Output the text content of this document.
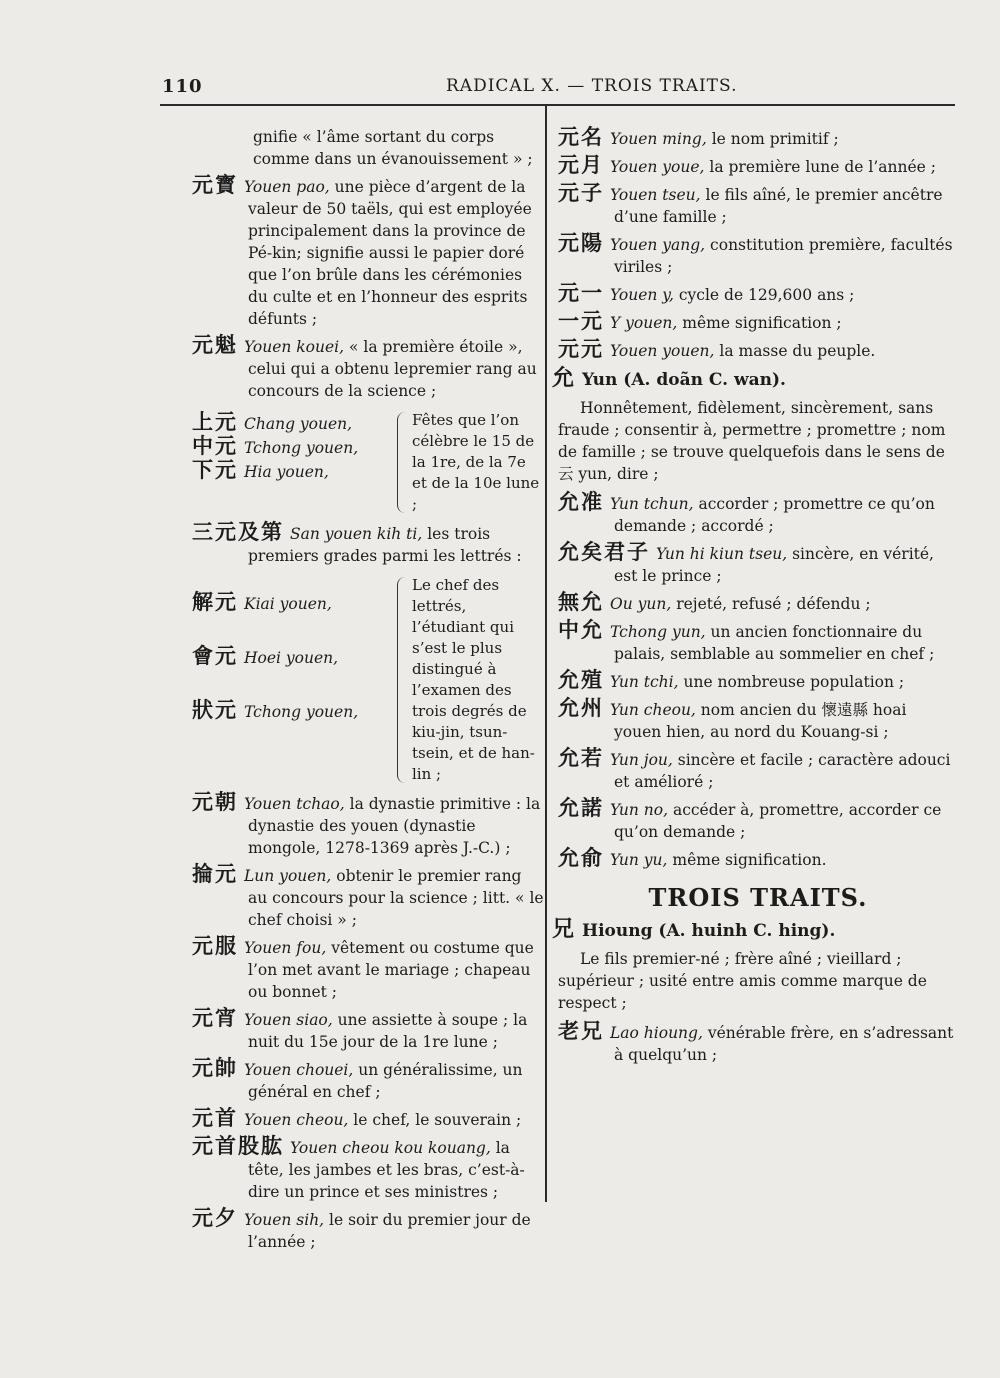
110	RADICAL X. — TROIS TRAITS.
gnifie « l’âme sortant du corps comme dans un évanouissement » ;
元寳 Youen pao, une pièce d’argent de la valeur de 50 taëls, qui est employée principalement dans la province de Pé-kin; signifie aussi le papier doré que l’on brûle dans les cérémonies du culte et en l’honneur des esprits défunts ;
元魁 Youen kouei, « la première étoile », celui qui a obtenu lepremier rang au concours de la science ;
上元 Chang youen,
中元 Tchong youen,
下元 Hia youen,
Fêtes que l’on célèbre le 15 de la 1re, de la 7e et de la 10e lune ;
三元及第 San youen kih ti, les trois premiers grades parmi les lettrés :
解元 Kiai youen,
會元 Hoei youen,
狀元 Tchong youen,
Le chef des lettrés, l’étudiant qui s’est le plus distingué à l’examen des trois degrés de kiu-jin, tsun-tsein, et de han-lin ;
元朝 Youen tchao, la dynastie primitive : la dynastie des youen (dynastie mongole, 1278-1369 après J.-C.) ;
掄元 Lun youen, obtenir le premier rang au concours pour la science ; litt. « le chef choisi » ;
元服 Youen fou, vêtement ou costume que l’on met avant le mariage ; chapeau ou bonnet ;
元宵 Youen siao, une assiette à soupe ; la nuit du 15e jour de la 1re lune ;
元帥 Youen chouei, un généralissime, un général en chef ;
元首 Youen cheou, le chef, le souverain ;
元首股肱 Youen cheou kou kouang, la tête, les jambes et les bras, c’est-à-dire un prince et ses ministres ;
元夕 Youen sih, le soir du premier jour de l’année ;
元名 Youen ming, le nom primitif ;
元月 Youen youe, la première lune de l’année ;
元子 Youen tseu, le fils aîné, le premier ancêtre d’une famille ;
元陽 Youen yang, constitution première, facultés viriles ;
元一 Youen y, cycle de 129,600 ans ;
一元 Y youen, même signification ;
元元 Youen youen, la masse du peuple.
允 Yun (A. doãn C. wan).
Honnêtement, fidèlement, sincèrement, sans fraude ; consentir à, permettre ; promettre ; nom de famille ; se trouve quelquefois dans le sens de 云 yun, dire ;
允准 Yun tchun, accorder ; promettre ce qu’on demande ; accordé ;
允矣君子 Yun hi kiun tseu, sincère, en vérité, est le prince ;
無允 Ou yun, rejeté, refusé ; défendu ;
中允 Tchong yun, un ancien fonctionnaire du palais, semblable au sommelier en chef ;
允殖 Yun tchi, une nombreuse population ;
允州 Yun cheou, nom ancien du 懷遠縣 hoai youen hien, au nord du Kouang-si ;
允若 Yun jou, sincère et facile ; caractère adouci et amélioré ;
允諾 Yun no, accéder à, promettre, accorder ce qu’on demande ;
允俞 Yun yu, même signification.
TROIS TRAITS.
兄 Hioung (A. huinh C. hing).
Le fils premier-né ; frère aîné ; vieillard ; supérieur ; usité entre amis comme marque de respect ;
老兄 Lao hioung, vénérable frère, en s’adressant à quelqu’un ;
